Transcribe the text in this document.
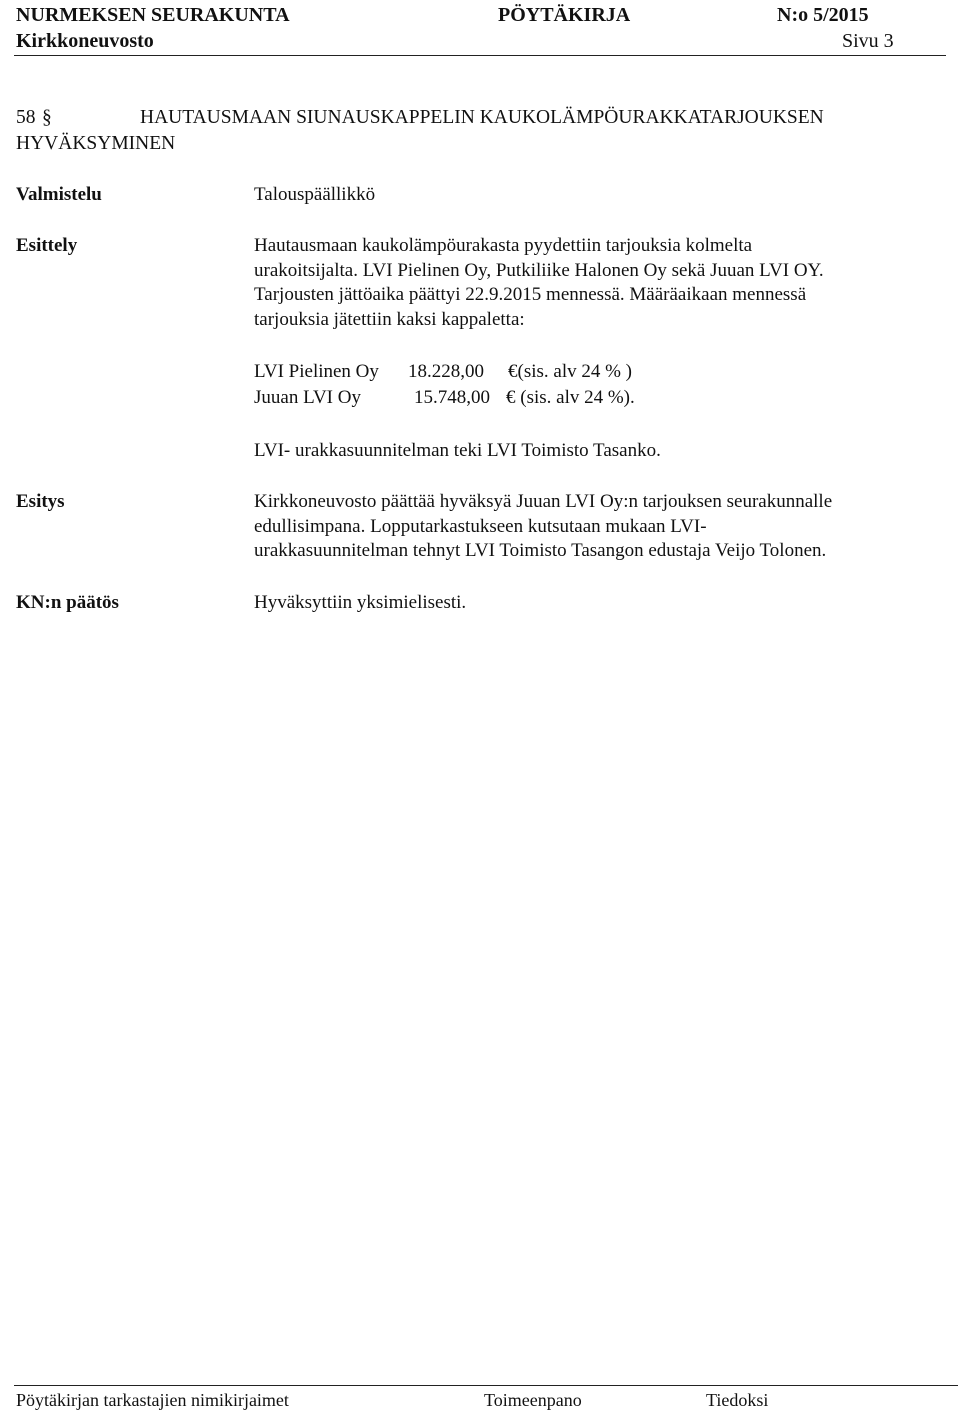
NURMEKSEN SEURAKUNTA	PÖYTÄKIRJA	N:o 5/2015
Kirkkoneuvosto	Sivu 3
58 §	HAUTAUSMAAN SIUNAUSKAPPELIN KAUKOLÄMPÖURAKKATARJOUKSEN
HYVÄKSYMINEN
Valmistelu	Talouspäällikkö
Esittely	Hautausmaan kaukolämpöurakasta pyydettiin tarjouksia kolmelta
urakoitsijalta. LVI Pielinen Oy, Putkiliike Halonen Oy sekä Juuan LVI OY.
Tarjousten jättöaika päättyi 22.9.2015 mennessä. Määräaikaan mennessä
tarjouksia jätettiin kaksi kappaletta:
LVI Pielinen Oy 18.228,00 €(sis. alv 24 % )
Juuan LVI Oy	15.748,00 € (sis. alv 24 %).
LVI- urakkasuunnitelman teki LVI Toimisto Tasanko.
Esitys	Kirkkoneuvosto päättää hyväksyä Juuan LVI Oy:n tarjouksen seurakunnalle
edullisimpana. Lopputarkastukseen kutsutaan mukaan LVI-
urakkasuunnitelman tehnyt LVI Toimisto Tasangon edustaja Veijo Tolonen.
KN:n päätös	Hyväksyttiin yksimielisesti.
Pöytäkirjan tarkastajien nimikirjaimet	Toimeenpano	Tiedoksi
